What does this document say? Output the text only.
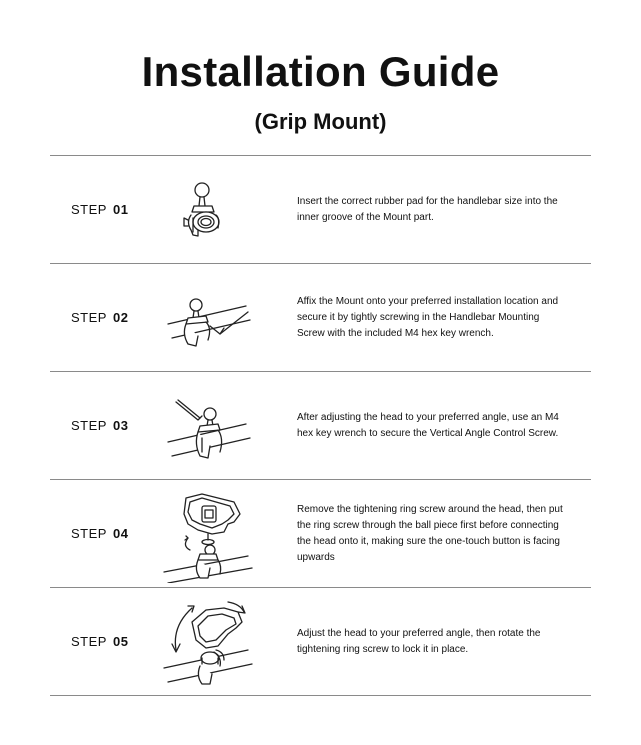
Installation Guide
(Grip Mount)
STEP 01
Insert the correct rubber pad for the handlebar size into the inner groove of the Mount part.
STEP 02
Affix the Mount onto your preferred installation location and secure it by tightly screwing in the Handlebar Mounting Screw with the included M4 hex key wrench.
STEP 03
After adjusting the head to your preferred angle, use an M4 hex key wrench to secure the Vertical Angle Control Screw.
STEP 04
Remove the tightening ring screw around the head, then put the ring screw through the ball piece first before connecting the head onto it, making sure the one-touch button is facing upwards
STEP 05
Adjust the head to your preferred angle, then rotate the tightening ring screw to lock it in place.
